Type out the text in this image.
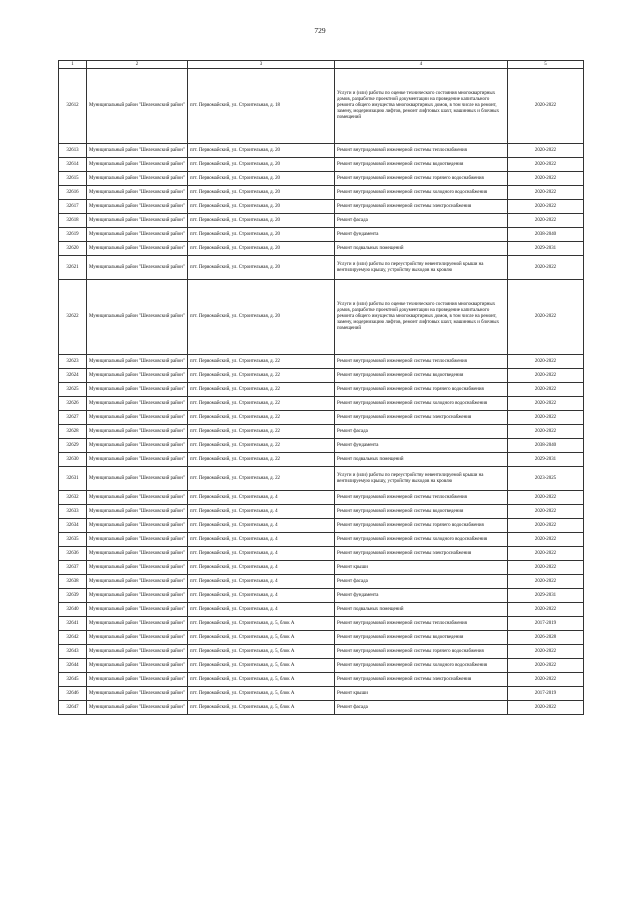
729
1	2	3	4	5
32612	Муниципальный район "Шелеховский район"	пгт. Первомайский, ул. Строительная, д. 18	Услуги и (или) работы по оценке технического состояния многоквартирных домов, разработке проектной документации на проведение капитального ремонта общего имущества многоквартирных домов, в том числе на ремонт, замену, модернизацию лифтов, ремонт лифтовых шахт, машинных и блочных помещений	2020-2022
32613	Муниципальный район "Шелеховский район"	пгт. Первомайский, ул. Строительная, д. 20	Ремонт внутридомовой инженерной системы теплоснабжения	2020-2022
32614	Муниципальный район "Шелеховский район"	пгт. Первомайский, ул. Строительная, д. 20	Ремонт внутридомовой инженерной системы водоотведения	2020-2022
32615	Муниципальный район "Шелеховский район"	пгт. Первомайский, ул. Строительная, д. 20	Ремонт внутридомовой инженерной системы горячего водоснабжения	2020-2022
32616	Муниципальный район "Шелеховский район"	пгт. Первомайский, ул. Строительная, д. 20	Ремонт внутридомовой инженерной системы холодного водоснабжения	2020-2022
32617	Муниципальный район "Шелеховский район"	пгт. Первомайский, ул. Строительная, д. 20	Ремонт внутридомовой инженерной системы электроснабжения	2020-2022
32618	Муниципальный район "Шелеховский район"	пгт. Первомайский, ул. Строительная, д. 20	Ремонт фасада	2020-2022
32619	Муниципальный район "Шелеховский район"	пгт. Первомайский, ул. Строительная, д. 20	Ремонт фундамента	2038-2040
32620	Муниципальный район "Шелеховский район"	пгт. Первомайский, ул. Строительная, д. 20	Ремонт подвальных помещений	2029-2031
32621	Муниципальный район "Шелеховский район"	пгт. Первомайский, ул. Строительная, д. 20	Услуги и (или) работы по переустройству невентилируемой крыши на вентилируемую крышу, устройству выходов на кровлю	2020-2022
32622	Муниципальный район "Шелеховский район"	пгт. Первомайский, ул. Строительная, д. 20	Услуги и (или) работы по оценке технического состояния многоквартирных домов, разработке проектной документации на проведение капитального ремонта общего имущества многоквартирных домов, в том числе на ремонт, замену, модернизацию лифтов, ремонт лифтовых шахт, машинных и блочных помещений	2020-2022
32623	Муниципальный район "Шелеховский район"	пгт. Первомайский, ул. Строительная, д. 22	Ремонт внутридомовой инженерной системы теплоснабжения	2020-2022
32624	Муниципальный район "Шелеховский район"	пгт. Первомайский, ул. Строительная, д. 22	Ремонт внутридомовой инженерной системы водоотведения	2020-2022
32625	Муниципальный район "Шелеховский район"	пгт. Первомайский, ул. Строительная, д. 22	Ремонт внутридомовой инженерной системы горячего водоснабжения	2020-2022
32626	Муниципальный район "Шелеховский район"	пгт. Первомайский, ул. Строительная, д. 22	Ремонт внутридомовой инженерной системы холодного водоснабжения	2020-2022
32627	Муниципальный район "Шелеховский район"	пгт. Первомайский, ул. Строительная, д. 22	Ремонт внутридомовой инженерной системы электроснабжения	2020-2022
32628	Муниципальный район "Шелеховский район"	пгт. Первомайский, ул. Строительная, д. 22	Ремонт фасада	2020-2022
32629	Муниципальный район "Шелеховский район"	пгт. Первомайский, ул. Строительная, д. 22	Ремонт фундамента	2038-2040
32630	Муниципальный район "Шелеховский район"	пгт. Первомайский, ул. Строительная, д. 22	Ремонт подвальных помещений	2029-2031
32631	Муниципальный район "Шелеховский район"	пгт. Первомайский, ул. Строительная, д. 22	Услуги и (или) работы по переустройству невентилируемой крыши на вентилируемую крышу, устройству выходов на кровлю	2023-2025
32632	Муниципальный район "Шелеховский район"	пгт. Первомайский, ул. Строительная, д. 4	Ремонт внутридомовой инженерной системы теплоснабжения	2020-2022
32633	Муниципальный район "Шелеховский район"	пгт. Первомайский, ул. Строительная, д. 4	Ремонт внутридомовой инженерной системы водоотведения	2020-2022
32634	Муниципальный район "Шелеховский район"	пгт. Первомайский, ул. Строительная, д. 4	Ремонт внутридомовой инженерной системы горячего водоснабжения	2020-2022
32635	Муниципальный район "Шелеховский район"	пгт. Первомайский, ул. Строительная, д. 4	Ремонт внутридомовой инженерной системы холодного водоснабжения	2020-2022
32636	Муниципальный район "Шелеховский район"	пгт. Первомайский, ул. Строительная, д. 4	Ремонт внутридомовой инженерной системы электроснабжения	2020-2022
32637	Муниципальный район "Шелеховский район"	пгт. Первомайский, ул. Строительная, д. 4	Ремонт крыши	2020-2022
32638	Муниципальный район "Шелеховский район"	пгт. Первомайский, ул. Строительная, д. 4	Ремонт фасада	2020-2022
32639	Муниципальный район "Шелеховский район"	пгт. Первомайский, ул. Строительная, д. 4	Ремонт фундамента	2029-2031
32640	Муниципальный район "Шелеховский район"	пгт. Первомайский, ул. Строительная, д. 4	Ремонт подвальных помещений	2020-2022
32641	Муниципальный район "Шелеховский район"	пгт. Первомайский, ул. Строительная, д. 5, блок А	Ремонт внутридомовой инженерной системы теплоснабжения	2017-2019
32642	Муниципальный район "Шелеховский район"	пгт. Первомайский, ул. Строительная, д. 5, блок А	Ремонт внутридомовой инженерной системы водоотведения	2026-2028
32643	Муниципальный район "Шелеховский район"	пгт. Первомайский, ул. Строительная, д. 5, блок А	Ремонт внутридомовой инженерной системы горячего водоснабжения	2020-2022
32644	Муниципальный район "Шелеховский район"	пгт. Первомайский, ул. Строительная, д. 5, блок А	Ремонт внутридомовой инженерной системы холодного водоснабжения	2020-2022
32645	Муниципальный район "Шелеховский район"	пгт. Первомайский, ул. Строительная, д. 5, блок А	Ремонт внутридомовой инженерной системы электроснабжения	2020-2022
32646	Муниципальный район "Шелеховский район"	пгт. Первомайский, ул. Строительная, д. 5, блок А	Ремонт крыши	2017-2019
32647	Муниципальный район "Шелеховский район"	пгт. Первомайский, ул. Строительная, д. 5, блок А	Ремонт фасада	2020-2022
